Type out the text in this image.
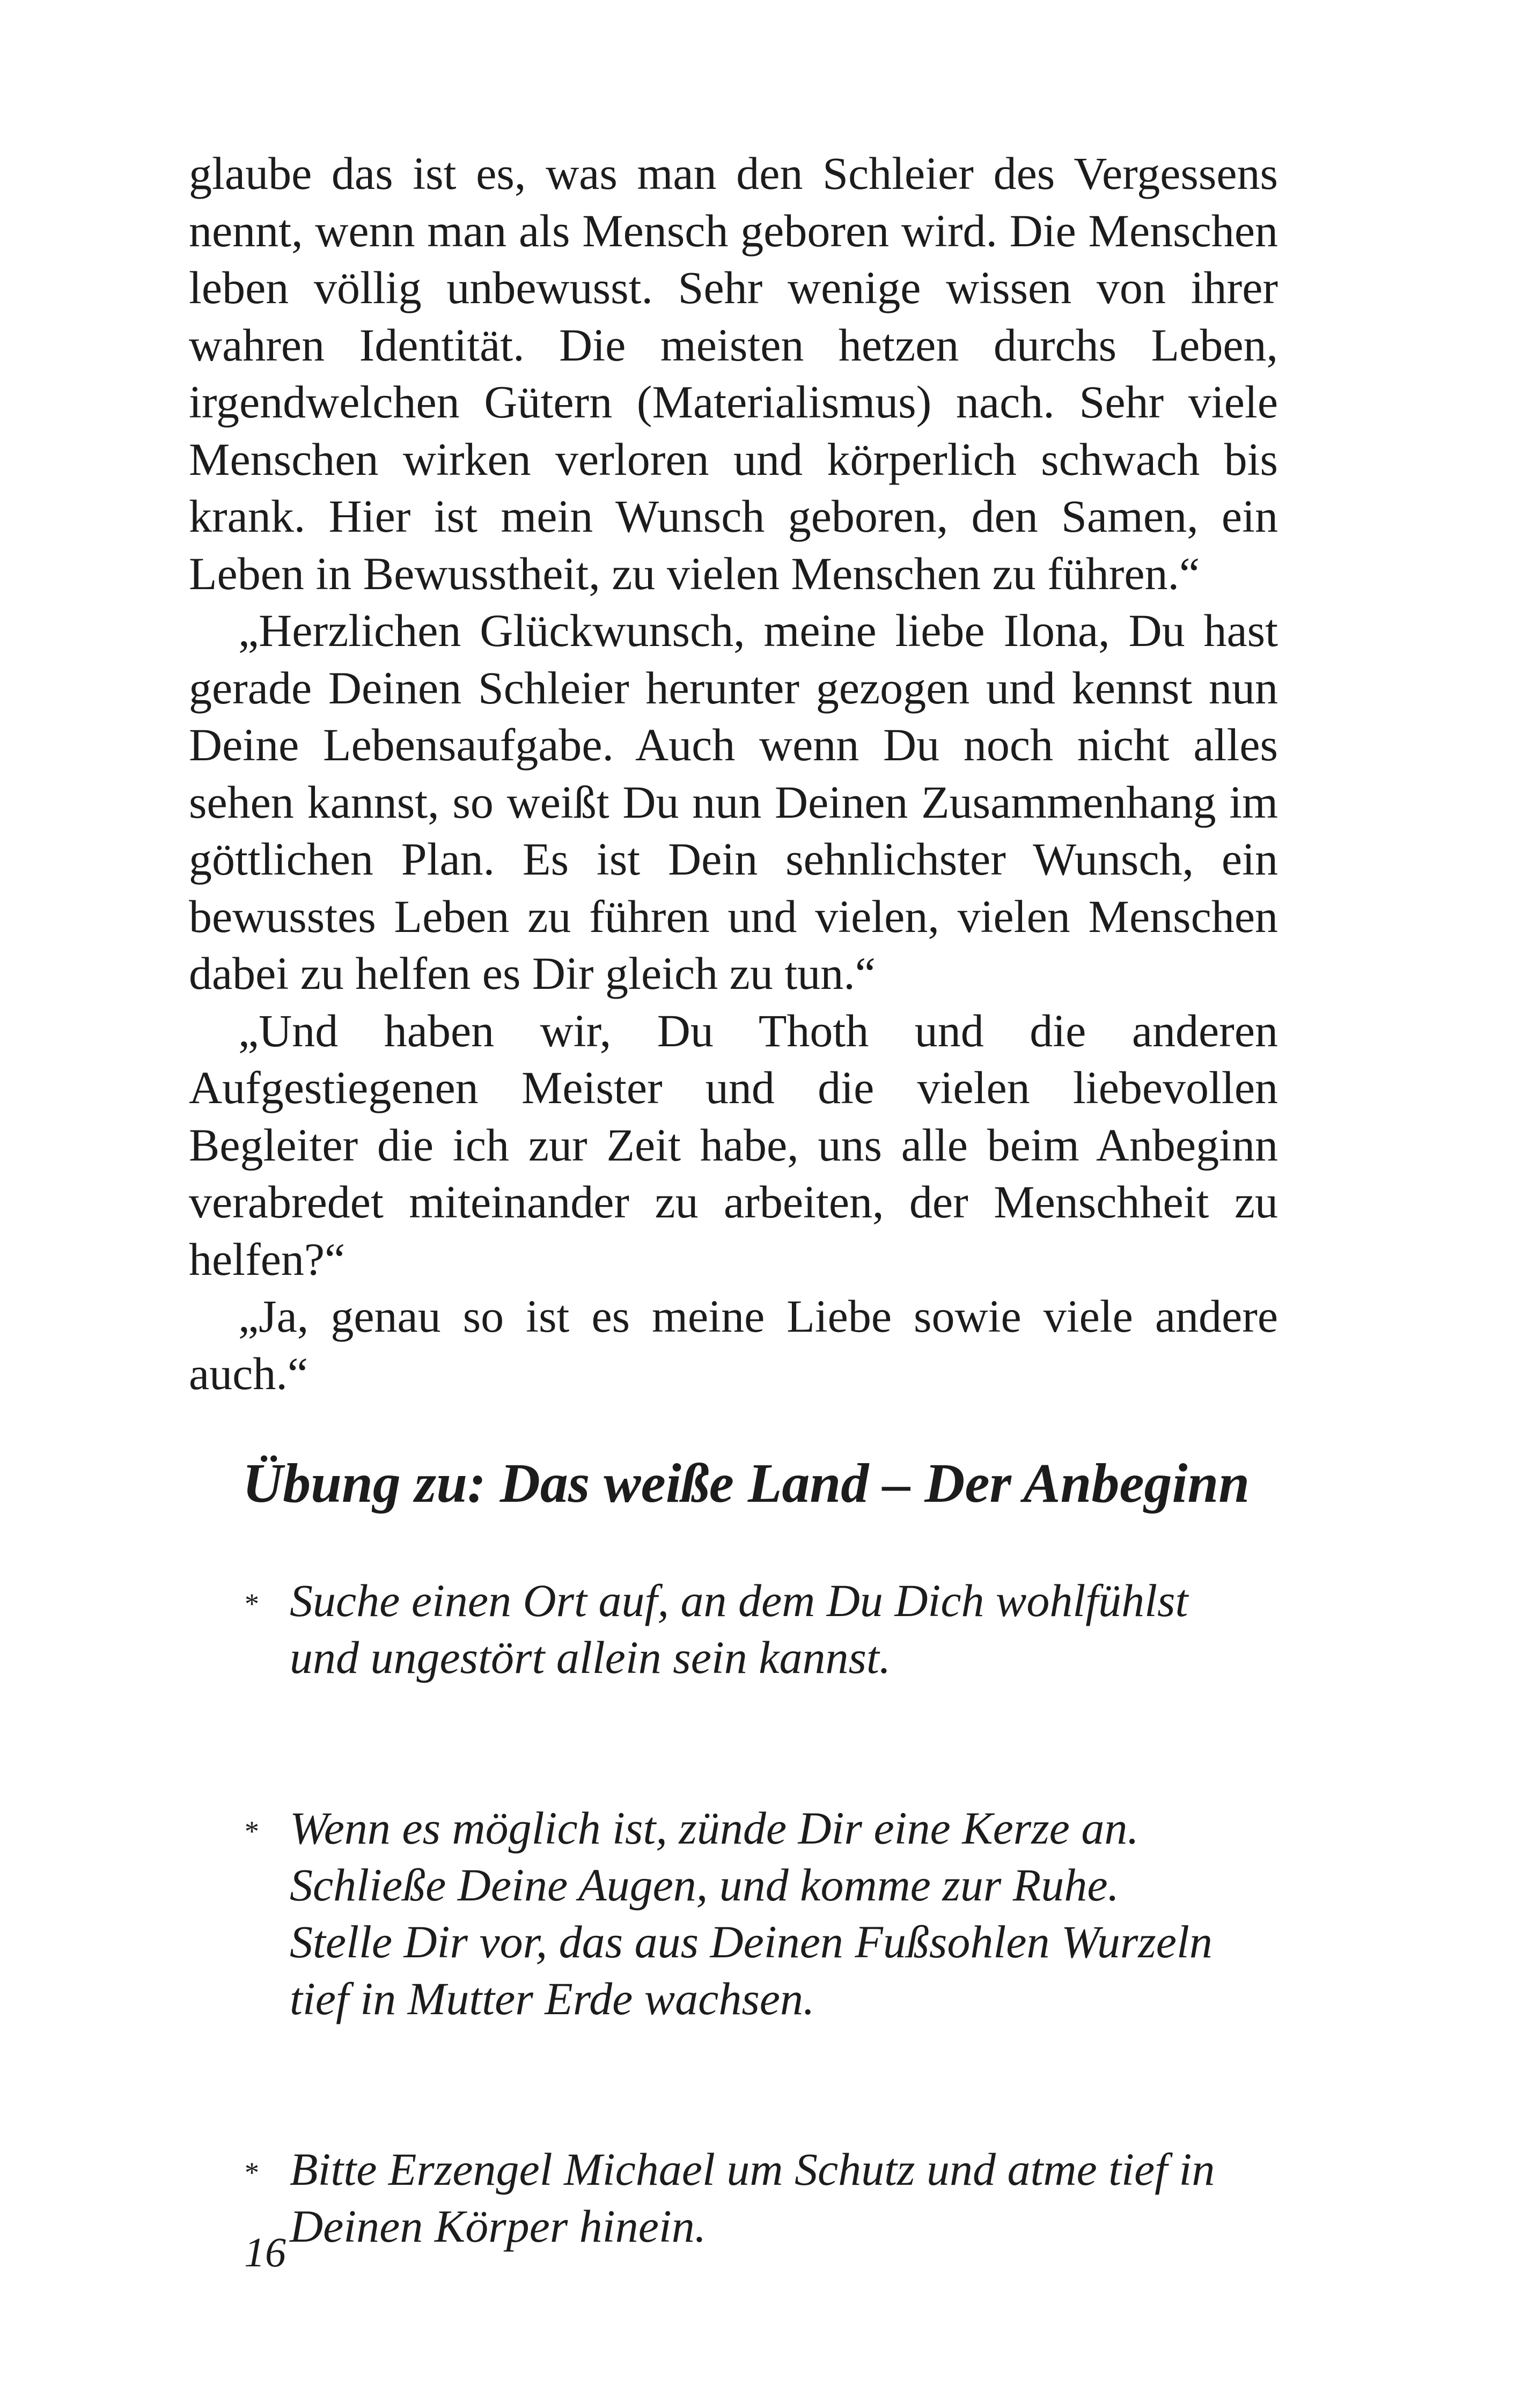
glaube das ist es, was man den Schleier des Vergessens nennt, wenn man als Mensch geboren wird. Die Menschen leben völlig unbewusst. Sehr wenige wissen von ihrer wahren Identität. Die meisten hetzen durchs Leben, irgendwelchen Gütern (Materialismus) nach. Sehr viele Menschen wirken verloren und körperlich schwach bis krank. Hier ist mein Wunsch geboren, den Samen, ein Leben in Bewusstheit, zu vielen Menschen zu führen.“

„Herzlichen Glückwunsch, meine liebe Ilona, Du hast gerade Deinen Schleier herunter gezogen und kennst nun Deine Lebensaufgabe. Auch wenn Du noch nicht alles sehen kannst, so weißt Du nun Deinen Zusammenhang im göttlichen Plan. Es ist Dein sehnlichster Wunsch, ein bewusstes Leben zu führen und vielen, vielen Menschen dabei zu helfen es Dir gleich zu tun.“

„Und haben wir, Du Thoth und die anderen Aufgestiegenen Meister und die vielen liebevollen Begleiter die ich zur Zeit habe, uns alle beim Anbeginn verabredet miteinander zu arbeiten, der Menschheit zu helfen?“

„Ja, genau so ist es meine Liebe sowie viele andere auch.“

Übung zu: Das weiße Land – Der Anbeginn
* Suche einen Ort auf, an dem Du Dich wohlfühlst
und ungestört allein sein kannst.
* Wenn es möglich ist, zünde Dir eine Kerze an.
Schließe Deine Augen, und komme zur Ruhe.
Stelle Dir vor, das aus Deinen Fußsohlen Wurzeln
tief in Mutter Erde wachsen.
* Bitte Erzengel Michael um Schutz und atme tief in
Deinen Körper hinein.
16
